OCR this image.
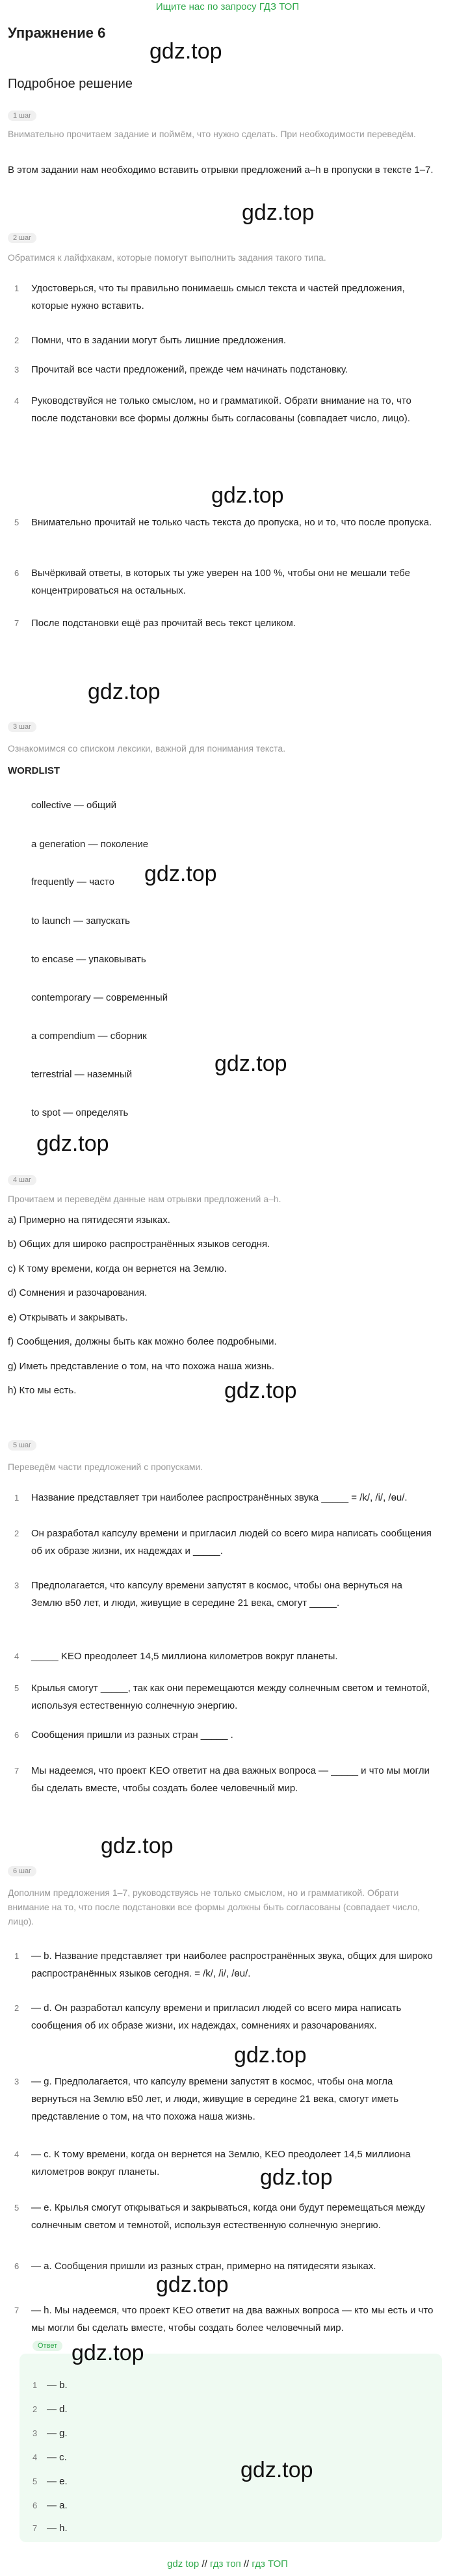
Ищите нас по запросу ГДЗ ТОП
Упражнение 6
gdz.top
Подробное решение
1 шаг
Внимательно прочитаем задание и поймём, что нужно сделать. При необходимости переведём.
В этом задании нам необходимо вставить отрывки предложений a–h в пропуски в тексте 1–7.
gdz.top
2 шаг
Обратимся к лайфхакам, которые помогут выполнить задания такого типа.
1 Удостоверься, что ты правильно понимаешь смысл текста и частей предложения, которые нужно вставить.
2 Помни, что в задании могут быть лишние предложения.
3 Прочитай все части предложений, прежде чем начинать подстановку.
4 Руководствуйся не только смыслом, но и грамматикой. Обрати внимание на то, что после подстановки все формы должны быть согласованы (совпадает число, лицо).
gdz.top
5 Внимательно прочитай не только часть текста до пропуска, но и то, что после пропуска.
6 Вычёркивай ответы, в которых ты уже уверен на 100 %, чтобы они не мешали тебе концентрироваться на остальных.
7 После подстановки ещё раз прочитай весь текст целиком.
gdz.top
3 шаг
Ознакомимся со списком лексики, важной для понимания текста.
WORDLIST
collective — общий
a generation — поколение
gdz.top
frequently — часто
to launch — запускать
to encase — упаковывать
contemporary — современный
a compendium — сборник
gdz.top
terrestrial — наземный
to spot — определять
gdz.top
4 шаг
Прочитаем и переведём данные нам отрывки предложений a–h.
a) Примерно на пятидесяти языках.
b) Общих для широко распространённых языков сегодня.
c) К тому времени, когда он вернется на Землю.
d) Сомнения и разочарования.
e) Открывать и закрывать.
f) Сообщения, должны быть как можно более подробными.
g) Иметь представление о том, на что похожа наша жизнь.
h) Кто мы есть.	gdz.top
5 шаг
Переведём части предложений с пропусками.
1 Название представляет три наиболее распространённых звука _____ = /k/, /i/, /ɵu/.
2 Он разработал капсулу времени и пригласил людей со всего мира написать сообщения об их образе жизни, их надеждах и _____.
3 Предполагается, что капсулу времени запустят в космос, чтобы она вернуться на Землю в50 лет, и люди, живущие в середине 21 века, смогут _____.
4 _____ KEO преодолеет 14,5 миллиона километров вокруг планеты.
5 Крылья смогут _____, так как они перемещаются между солнечным светом и темнотой, используя естественную солнечную энергию.
6 Сообщения пришли из разных стран _____ .
7 Мы надеемся, что проект KEO ответит на два важных вопроса — _____ и что мы могли бы сделать вместе, чтобы создать более человечный мир.
gdz.top
6 шаг
Дополним предложения 1–7, руководствуясь не только смыслом, но и грамматикой. Обрати внимание на то, что после подстановки все формы должны быть согласованы (совпадает число, лицо).
1 — b. Название представляет три наиболее распространённых звука, общих для широко распространённых языков сегодня. = /k/, /i/, /ɵu/.
2 — d. Он разработал капсулу времени и пригласил людей со всего мира написать сообщения об их образе жизни, их надеждах, сомнениях и разочарованиях.
gdz.top
3 — g. Предполагается, что капсулу времени запустят в космос, чтобы она могла вернуться на Землю в50 лет, и люди, живущие в середине 21 века, смогут иметь представление о том, на что похожа наша жизнь.
4 — c. К тому времени, когда он вернется на Землю, KEO преодолеет 14,5 миллиона километров вокруг планеты.	gdz.top
5 — e. Крылья смогут открываться и закрываться, когда они будут перемещаться между солнечным светом и темнотой, используя естественную солнечную энергию.
6 — a. Сообщения пришли из разных стран, примерно на пятидесяти языках.
gdz.top
7 — h. Мы надеемся, что проект KEO ответит на два важных вопроса — кто мы есть и что мы могли бы сделать вместе, чтобы создать более человечный мир.
Ответ gdz.top
1 — b.
2 — d.
3 — g.
4 — c.
5 — e.	gdz.top
6 — a.
7 — h.
gdz top // гдз топ // гдз ТОП
